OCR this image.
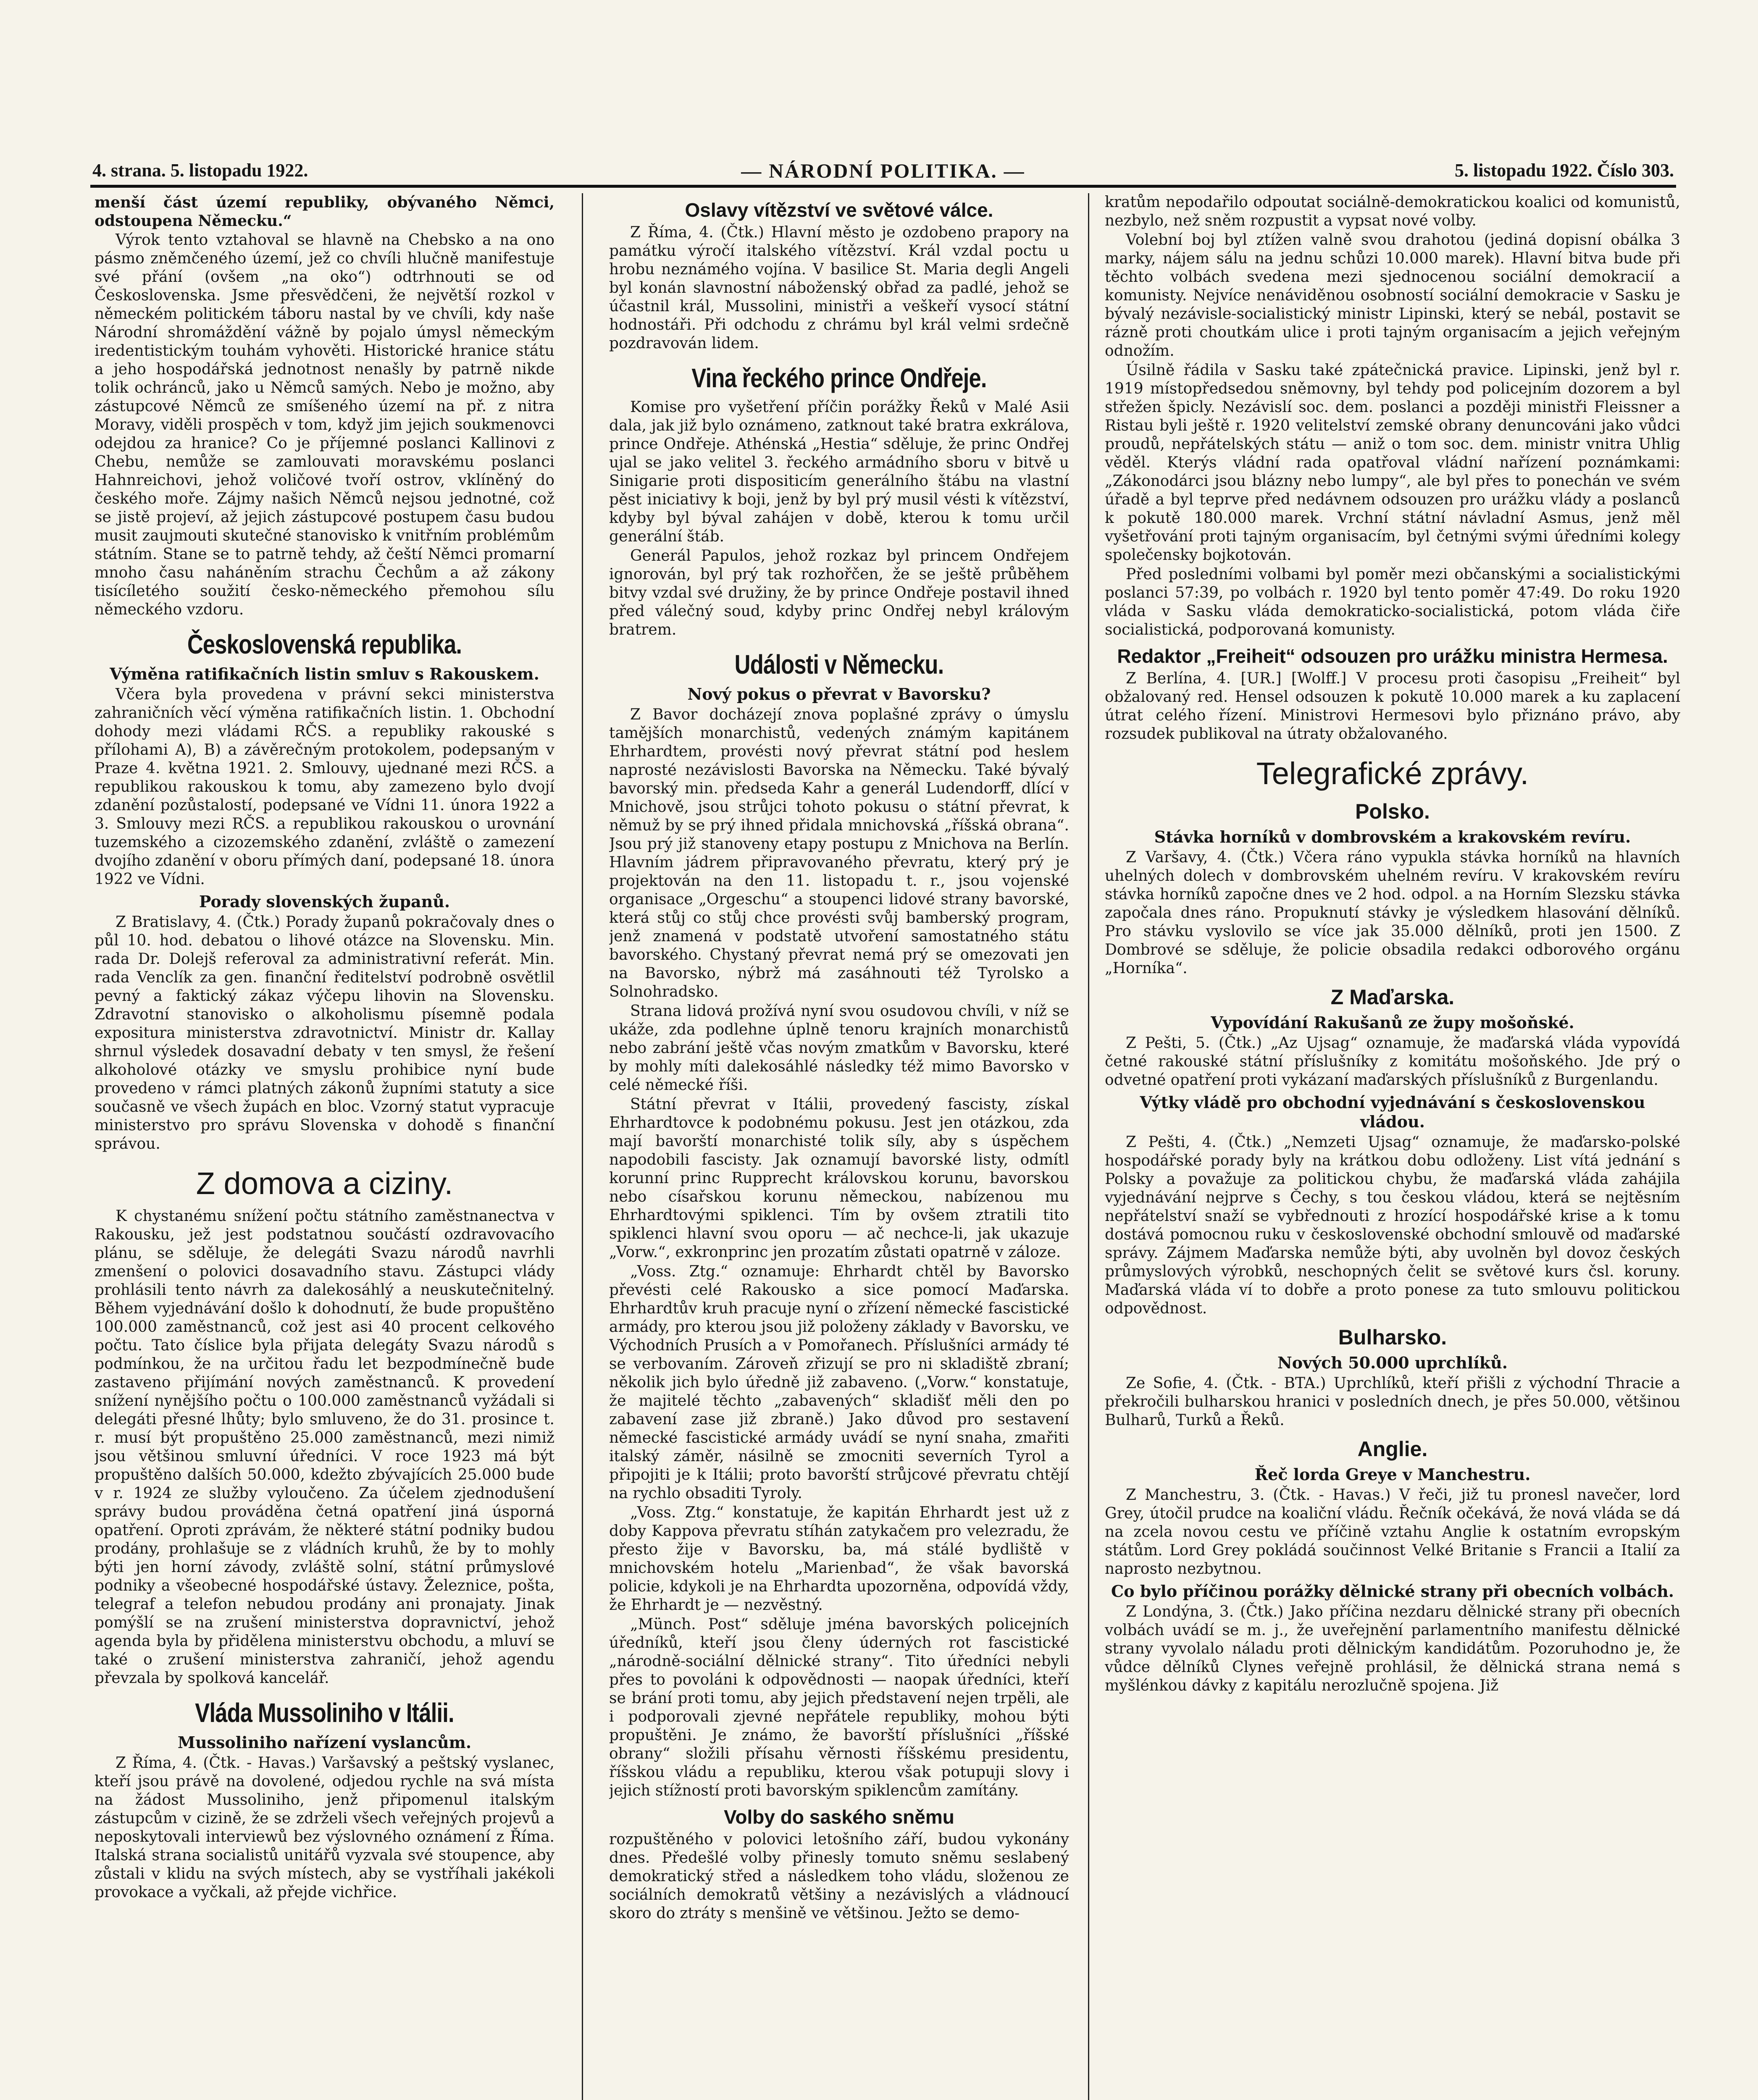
4. strana. 5. listopadu 1922.	— NÁRODNÍ POLITIKA. —	5. listopadu 1922. Číslo 303.

menší část území republiky, obývaného Němci, odstoupena Německu.“

Výrok tento vztahoval se hlavně na Chebsko a na ono pásmo zněmčeného území, jež co chvíli hlučně manifestuje své přání (ovšem „na oko“) odtrhnouti se od Československa. Jsme přesvědčeni, že největší rozkol v německém politickém táboru nastal by ve chvíli, kdy naše Národní shromáždění vážně by pojalo úmysl německým iredentistickým touhám vyhověti. Historické hranice státu a jeho hospodářská jednotnost nenašly by patrně nikde tolik ochránců, jako u Němců samých. Nebo je možno, aby zástupcové Němců ze smíšeného území na př. z nitra Moravy, viděli prospěch v tom, když jim jejich soukmenovci odejdou za hranice? Co je příjemné poslanci Kallinovi z Chebu, nemůže se zamlouvati moravskému poslanci Hahnreichovi, jehož voličové tvoří ostrov, vklíněný do českého moře. Zájmy našich Němců nejsou jednotné, což se jistě projeví, až jejich zástupcové postupem času budou musit zaujmouti skutečné stanovisko k vnitřním problémům státním. Stane se to patrně tehdy, až čeští Němci promarní mnoho času naháněním strachu Čechům a až zákony tisícíletého soužití česko-německého přemohou sílu německého vzdoru.

Československá republika.
Výměna ratifikačních listin smluv s Rakouskem.

Včera byla provedena v právní sekci ministerstva zahraničních věcí výměna ratifikačních listin. 1. Obchodní dohody mezi vládami RČS. a republiky rakouské s přílohami A), B) a závěrečným protokolem, podepsaným v Praze 4. května 1921. 2. Smlouvy, ujednané mezi RČS. a republikou rakouskou k tomu, aby zamezeno bylo dvojí zdanění pozůstalostí, podepsané ve Vídni 11. února 1922 a 3. Smlouvy mezi RČS. a republikou rakouskou o urovnání tuzemského a cizozemského zdanění, zvláště o zamezení dvojího zdanění v oboru přímých daní, podepsané 18. února 1922 ve Vídni.

Porady slovenských županů.

Z Bratislavy, 4. (Čtk.) Porady županů pokračovaly dnes o půl 10. hod. debatou o lihové otázce na Slovensku. Min. rada Dr. Dolejš referoval za administrativní referát. Min. rada Venclík za gen. finanční ředitelství podrobně osvětlil pevný a faktický zákaz výčepu lihovin na Slovensku. Zdravotní stanovisko o alkoholismu písemně podala expositura ministerstva zdravotnictví. Ministr dr. Kallay shrnul výsledek dosavadní debaty v ten smysl, že řešení alkoholové otázky ve smyslu prohibice nyní bude provedeno v rámci platných zákonů župními statuty a sice současně ve všech župách en bloc. Vzorný statut vypracuje ministerstvo pro správu Slovenska v dohodě s finanční správou.

Z domova a ciziny.

K chystanému snížení počtu státního zaměstnanectva v Rakousku, jež jest podstatnou součástí ozdravovacího plánu, se sděluje, že delegáti Svazu národů navrhli zmenšení o polovici dosavadního stavu. Zástupci vlády prohlásili tento návrh za dalekosáhlý a neuskutečnitelný. Během vyjednávání došlo k dohodnutí, že bude propuštěno 100.000 zaměstnanců, což jest asi 40 procent celkového počtu. Tato číslice byla přijata delegáty Svazu národů s podmínkou, že na určitou řadu let bezpodmínečně bude zastaveno přijímání nových zaměstnanců. K provedení snížení nynějšího počtu o 100.000 zaměstnanců vyžádali si delegáti přesné lhůty; bylo smluveno, že do 31. prosince t. r. musí být propuštěno 25.000 zaměstnanců, mezi nimiž jsou většinou smluvní úředníci. V roce 1923 má být propuštěno dalších 50.000, kdežto zbývajících 25.000 bude v r. 1924 ze služby vyloučeno. Za účelem zjednodušení správy budou prováděna četná opatření jiná úsporná opatření. Oproti zprávám, že některé státní podniky budou prodány, prohlašuje se z vládních kruhů, že by to mohly býti jen horní závody, zvláště solní, státní průmyslové podniky a všeobecné hospodářské ústavy. Železnice, pošta, telegraf a telefon nebudou prodány ani pronajaty. Jinak pomýšlí se na zrušení ministerstva dopravnictví, jehož agenda byla by přidělena ministerstvu obchodu, a mluví se také o zrušení ministerstva zahraničí, jehož agendu převzala by spolková kancelář.

Vláda Mussoliniho v Itálii.
Mussoliniho nařízení vyslancům.

Z Říma, 4. (Čtk. - Havas.) Varšavský a peštský vyslanec, kteří jsou právě na dovolené, odjedou rychle na svá místa na žádost Mussoliniho, jenž připomenul italským zástupcům v cizině, že se zdrželi všech veřejných projevů a neposkytovali interviewů bez výslovného oznámení z Říma. Italská strana socialistů unitářů vyzvala své stoupence, aby zůstali v klidu na svých místech, aby se vystříhali jakékoli provokace a vyčkali, až přejde vichřice.

Oslavy vítězství ve světové válce.

Z Říma, 4. (Čtk.) Hlavní město je ozdobeno prapory na památku výročí italského vítězství. Král vzdal poctu u hrobu neznámého vojína. V basilice St. Maria degli Angeli byl konán slavnostní náboženský obřad za padlé, jehož se účastnil král, Mussolini, ministři a veškeří vysocí státní hodnostáři. Při odchodu z chrámu byl král velmi srdečně pozdravován lidem.

Vina řeckého prince Ondřeje.

Komise pro vyšetření příčin porážky Řeků v Malé Asii dala, jak již bylo oznámeno, zatknout také bratra exkrálova, prince Ondřeje. Athénská „Hestia“ sděluje, že princ Ondřej ujal se jako velitel 3. řeckého armádního sboru v bitvě u Sinigarie proti dispositicím generálního štábu na vlastní pěst iniciativy k boji, jenž by byl prý musil vésti k vítězství, kdyby byl býval zahájen v době, kterou k tomu určil generální štáb.

Generál Papulos, jehož rozkaz byl princem Ondřejem ignorován, byl prý tak rozhořčen, že se ještě průběhem bitvy vzdal své družiny, že by prince Ondřeje postavil ihned před válečný soud, kdyby princ Ondřej nebyl královým bratrem.

Události v Německu.
Nový pokus o převrat v Bavorsku?

Z Bavor docházejí znova poplašné zprávy o úmyslu tamějších monarchistů, vedených známým kapitánem Ehrhardtem, provésti nový převrat státní pod heslem naprosté nezávislosti Bavorska na Německu. Také bývalý bavorský min. předseda Kahr a generál Ludendorff, dlící v Mnichově, jsou strůjci tohoto pokusu o státní převrat, k němuž by se prý ihned přidala mnichovská „říšská obrana“. Jsou prý již stanoveny etapy postupu z Mnichova na Berlín. Hlavním jádrem připravovaného převratu, který prý je projektován na den 11. listopadu t. r., jsou vojenské organisace „Orgeschu“ a stoupenci lidové strany bavorské, která stůj co stůj chce provésti svůj bamberský program, jenž znamená v podstatě utvoření samostatného státu bavorského. Chystaný převrat nemá prý se omezovati jen na Bavorsko, nýbrž má zasáhnouti též Tyrolsko a Solnohradsko.

Strana lidová prožívá nyní svou osudovou chvíli, v níž se ukáže, zda podlehne úplně tenoru krajních monarchistů nebo zabrání ještě včas novým zmatkům v Bavorsku, které by mohly míti dalekosáhlé následky též mimo Bavorsko v celé německé říši.

Státní převrat v Itálii, provedený fascisty, získal Ehrhardtovce k podobnému pokusu. Jest jen otázkou, zda mají bavorští monarchisté tolik síly, aby s úspěchem napodobili fascisty. Jak oznamují bavorské listy, odmítl korunní princ Rupprecht královskou korunu, bavorskou nebo císařskou korunu německou, nabízenou mu Ehrhardtovými spiklenci. Tím by ovšem ztratili tito spiklenci hlavní svou oporu — ač nechce-li, jak ukazuje „Vorw.“, exkronprinc jen prozatím zůstati opatrně v záloze.

„Voss. Ztg.“ oznamuje: Ehrhardt chtěl by Bavorsko převésti celé Rakousko a sice pomocí Maďarska. Ehrhardtův kruh pracuje nyní o zřízení německé fascistické armády, pro kterou jsou již položeny základy v Bavorsku, ve Východních Prusích a v Pomořanech. Příslušníci armády té se verbovaním. Zároveň zřizují se pro ni skladiště zbraní; několik jich bylo úředně již zabaveno. („Vorw.“ konstatuje, že majitelé těchto „zabavených“ skladišť měli den po zabavení zase již zbraně.) Jako důvod pro sestavení německé fascistické armády uvádí se nyní snaha, zmařiti italský záměr, násilně se zmocniti severních Tyrol a připojiti je k Itálii; proto bavorští strůjcové převratu chtějí na rychlo obsaditi Tyroly.

„Voss. Ztg.“ konstatuje, že kapitán Ehrhardt jest už z doby Kappova převratu stíhán zatykačem pro velezradu, že přesto žije v Bavorsku, ba, má stálé bydliště v mnichovském hotelu „Marienbad“, že však bavorská policie, kdykoli je na Ehrhardta upozorněna, odpovídá vždy, že Ehrhardt je — nezvěstný.

„Münch. Post“ sděluje jména bavorských policejních úředníků, kteří jsou členy úderných rot fascistické „národně-sociální dělnické strany“. Tito úředníci nebyli přes to povoláni k odpovědnosti — naopak úředníci, kteří se brání proti tomu, aby jejich představení nejen trpěli, ale i podporovali zjevné nepřátele republiky, mohou býti propuštěni. Je známo, že bavorští příslušníci „říšské obrany“ složili přísahu věrnosti říšskému presidentu, říšskou vládu a republiku, kterou však potupuji slovy i jejich stížností proti bavorským spiklencům zamítány.

Volby do saského sněmu

rozpuštěného v polovici letošního září, budou vykonány dnes. Předešlé volby přinesly tomuto sněmu seslabený demokratický střed a následkem toho vládu, složenou ze sociálních demokratů většiny a nezávislých a vládnoucí skoro do ztráty s menšině ve většinou. Ježto se demo-

kratům nepodařilo odpoutat sociálně-demokratickou koalici od komunistů, nezbylo, než sněm rozpustit a vypsat nové volby.

Volební boj byl ztížen valně svou drahotou (jediná dopisní obálka 3 marky, nájem sálu na jednu schůzi 10.000 marek). Hlavní bitva bude při těchto volbách svedena mezi sjednocenou sociální demokracií a komunisty. Nejvíce nenáviděnou osobností sociální demokracie v Sasku je bývalý nezávisle-socialistický ministr Lipinski, který se nebál, postavit se rázně proti choutkám ulice i proti tajným organisacím a jejich veřejným odnožím.

Úsilně řádila v Sasku také zpátečnická pravice. Lipinski, jenž byl r. 1919 místopředsedou sněmovny, byl tehdy pod policejním dozorem a byl střežen špicly. Nezávislí soc. dem. poslanci a později ministři Fleissner a Ristau byli ještě r. 1920 velitelství zemské obrany denuncováni jako vůdci proudů, nepřátelských státu — aniž o tom soc. dem. ministr vnitra Uhlig věděl. Kterýs vládní rada opatřoval vládní nařízení poznámkami: „Zákonodárci jsou blázny nebo lumpy“, ale byl přes to ponechán ve svém úřadě a byl teprve před nedávnem odsouzen pro urážku vlády a poslanců k pokutě 180.000 marek. Vrchní státní návladní Asmus, jenž měl vyšetřování proti tajným organisacím, byl četnými svými úředními kolegy společensky bojkotován.

Před posledními volbami byl poměr mezi občanskými a socialistickými poslanci 57:39, po volbách r. 1920 byl tento poměr 47:49. Do roku 1920 vláda v Sasku vláda demokraticko-socialistická, potom vláda čiře socialistická, podporovaná komunisty.

Redaktor „Freiheit“ odsouzen pro urážku ministra Hermesa.

Z Berlína, 4. [UR.] [Wolff.] V procesu proti časopisu „Freiheit“ byl obžalovaný red. Hensel odsouzen k pokutě 10.000 marek a ku zaplacení útrat celého řízení. Ministrovi Hermesovi bylo přiznáno právo, aby rozsudek publikoval na útraty obžalovaného.

Telegrafické zprávy.
Polsko.
Stávka horníků v dombrovském a krakovském revíru.

Z Varšavy, 4. (Čtk.) Včera ráno vypukla stávka horníků na hlavních uhelných dolech v dombrovském uhelném revíru. V krakovském revíru stávka horníků započne dnes ve 2 hod. odpol. a na Horním Slezsku stávka započala dnes ráno. Propuknutí stávky je výsledkem hlasování dělníků. Pro stávku vyslovilo se více jak 35.000 dělníků, proti jen 1500. Z Dombrové se sděluje, že policie obsadila redakci odborového orgánu „Horníka“.

Z Maďarska.
Vypovídání Rakušanů ze župy mošoňské.

Z Pešti, 5. (Čtk.) „Az Ujsag“ oznamuje, že maďarská vláda vypovídá četné rakouské státní příslušníky z komitátu mošoňského. Jde prý o odvetné opatření proti vykázaní maďarských příslušníků z Burgenlandu.

Výtky vládě pro obchodní vyjednávání s československou vládou.

Z Pešti, 4. (Čtk.) „Nemzeti Ujsag“ oznamuje, že maďarsko-polské hospodářské porady byly na krátkou dobu odloženy. List vítá jednání s Polsky a považuje za politickou chybu, že maďarská vláda zahájila vyjednávání nejprve s Čechy, s tou českou vládou, která se nejtěsním nepřátelství snaží se vybřednouti z hrozící hospodářské krise a k tomu dostává pomocnou ruku v československé obchodní smlouvě od maďarské správy. Zájmem Maďarska nemůže býti, aby uvolněn byl dovoz českých průmyslových výrobků, neschopných čelit se světové kurs čsl. koruny. Maďarská vláda ví to dobře a proto ponese za tuto smlouvu politickou odpovědnost.

Bulharsko.
Nových 50.000 uprchlíků.

Ze Sofie, 4. (Čtk. - BTA.) Uprchlíků, kteří přišli z východní Thracie a překročili bulharskou hranici v posledních dnech, je přes 50.000, většinou Bulharů, Turků a Řeků.

Anglie.
Řeč lorda Greye v Manchestru.

Z Manchestru, 3. (Čtk. - Havas.) V řeči, již tu pronesl navečer, lord Grey, útočil prudce na koaliční vládu. Řečník očekává, že nová vláda se dá na zcela novou cestu ve příčině vztahu Anglie k ostatním evropským státům. Lord Grey pokládá součinnost Velké Britanie s Francii a Italií za naprosto nezbytnou.

Co bylo příčinou porážky dělnické strany při obecních volbách.

Z Londýna, 3. (Čtk.) Jako příčina nezdaru dělnické strany při obecních volbách uvádí se m. j., že uveřejnění parlamentního manifestu dělnické strany vyvolalo náladu proti dělnickým kandidátům. Pozoruhodno je, že vůdce dělníků Clynes veřejně prohlásil, že dělnická strana nemá s myšlénkou dávky z kapitálu nerozlučně spojena. Již
